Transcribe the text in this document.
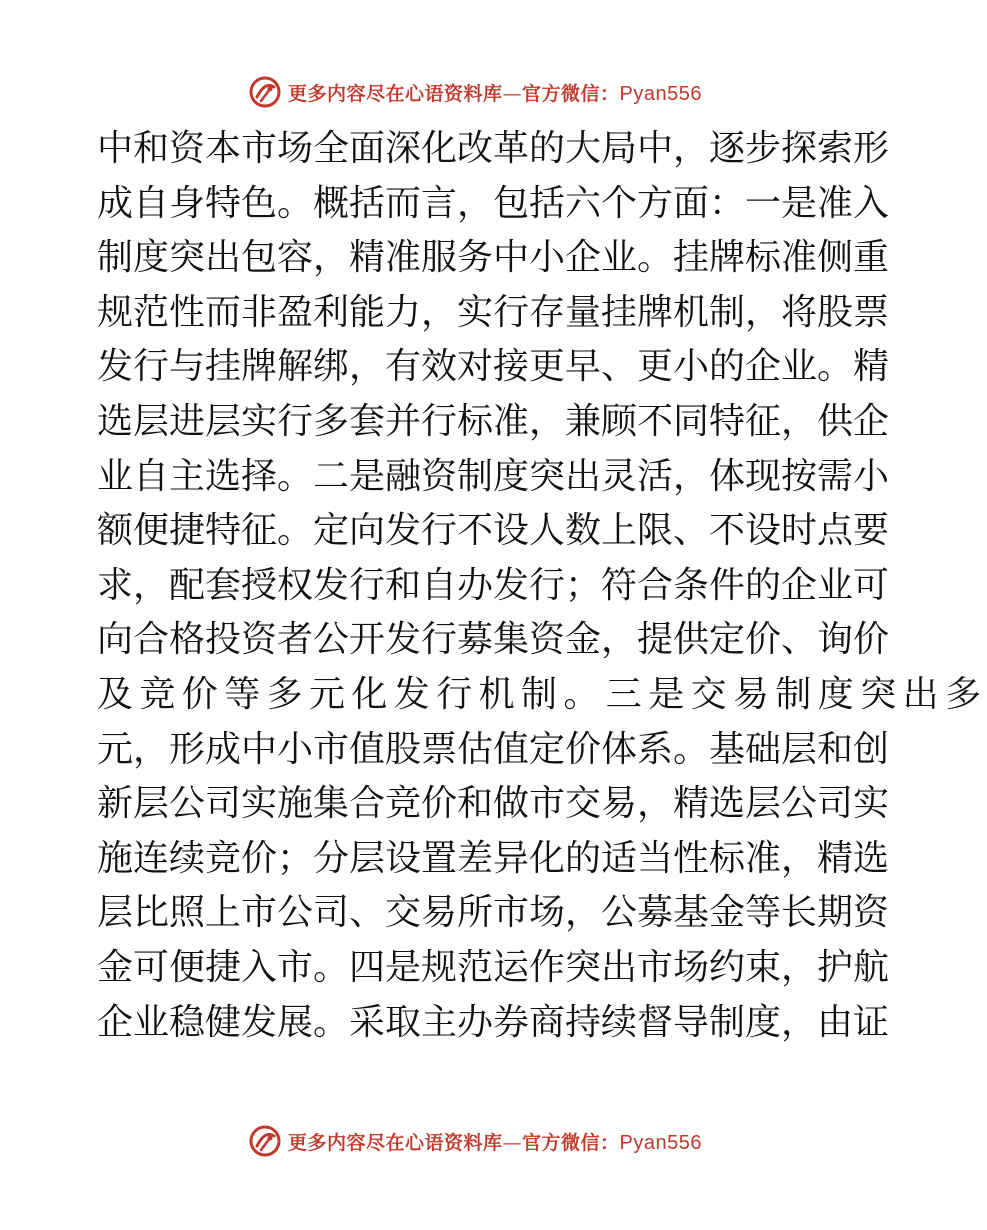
更多内容尽在心语资料库—官方微信：Pyan556
中和资本市场全面深化改革的大局中，逐步探索形
成自身特色。概括而言，包括六个方面：一是准入
制度突出包容，精准服务中小企业。挂牌标准侧重
规范性而非盈利能力，实行存量挂牌机制，将股票
发行与挂牌解绑，有效对接更早、更小的企业。精
选层进层实行多套并行标准，兼顾不同特征，供企
业自主选择。二是融资制度突出灵活，体现按需小
额便捷特征。定向发行不设人数上限、不设时点要
求，配套授权发行和自办发行；符合条件的企业可
向合格投资者公开发行募集资金，提供定价、询价
及竞价等多元化发行机制。三是交易制度突出多
元，形成中小市值股票估值定价体系。基础层和创
新层公司实施集合竞价和做市交易，精选层公司实
施连续竞价；分层设置差异化的适当性标准，精选
层比照上市公司、交易所市场，公募基金等长期资
金可便捷入市。四是规范运作突出市场约束，护航
企业稳健发展。采取主办券商持续督导制度，由证
更多内容尽在心语资料库—官方微信：Pyan556
